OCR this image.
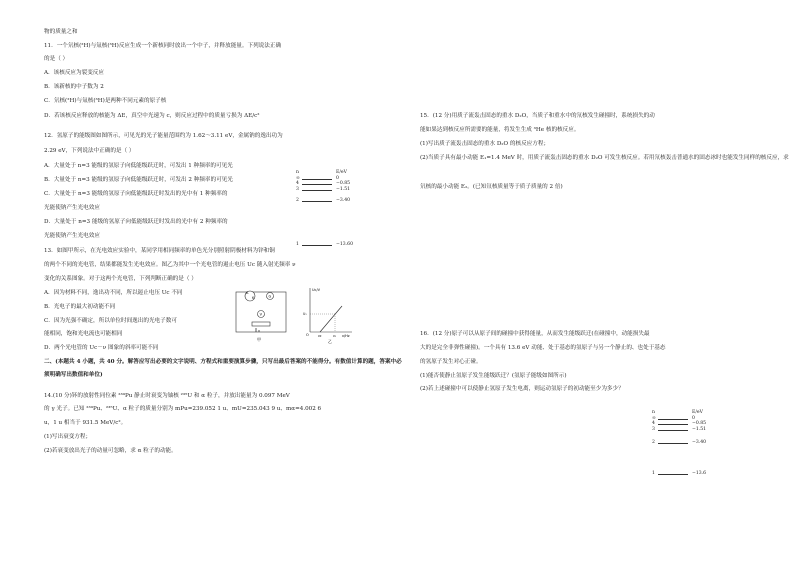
物的质量之和
11．一个氘核(²H)与氚核(³H)反应生成一个新核同时放出一个中子，并释放能量。下列说法正确
的是（ ）
A．该核反应为裂变反应
B．该新核的中子数为 2
C．氘核(²H)与氚核(³H)是两种不同元素的原子核
D．若该核反应释放的核能为 ΔE，真空中光速为 c，则反应过程中的质量亏损为 ΔE/c²
12．氢原子的能级图如图所示，可见光的光子能量范围约为 1.62～3.11 eV，金属钠的逸出功为
2.29 eV，下列说法中正确的是（ ）
A．大量处于 n=3 能级的氢原子向低能级跃迁时，可发出 1 种频率的可见光
B．大量处于 n=3 能级的氢原子向低能级跃迁时，可发出 2 种频率的可见光
C．大量处于 n=3 能级的氢原子向低能级跃迁时发出的光中有 1 种频率的
光能使钠产生光电效应
D．大量处于 n=3 能级的氢原子向低能级跃迁时发出的光中有 2 种频率的
光能使钠产生光电效应
13．如图甲所示，在光电效应实验中，某同学用相同频率的单色光分别照射阴极材料为锌和铜
的两个不同的光电管，结果都能发生光电效应。图乙为其中一个光电管的遏止电压 Uc 随入射光频率 ν
变化的关系图象。对于这两个光电管，下列判断正确的是（ ）
A．因为材料不同，逸出功不同，所以遏止电压 Uc 不同
B．光电子的最大初动能不同
C．因为光强不确定，所以单位时间逸出的光电子数可
能相同，饱和光电流也可能相同
D．两个光电管的 Uc－ν 图象的斜率可能不同
二、(本题共 4 小题，共 40 分。解答应写出必要的文字说明、方程式和重要演算步骤，只写出最后答案的不能得分。有数值计算的题，答案中必
须明确写出数值和单位)
14.(10 分)钚的放射性同位素 ²³⁹Pu 静止时衰变为铀核 ²³⁵U 和 α 粒子，并放出能量为 0.097 MeV
的 γ 光子。已知 ²³⁹Pu、²³⁵U、α 粒子的质量分别为 mPu=239.052 1 u、mU=235.043 9 u、mα=4.002 6
u，1 u 相当于 931.5 MeV/c²。
(1)写出衰变方程；
(2)若衰变放出光子的动量可忽略，求 α 粒子的动能。
n	E/eV
∞	0
4	−0.85
3	−1.51
2	−3.40
1	−13.60
A
K	G
V
甲
Uc/V
ν/Hz
O	νc
U₁
ν₁
乙
15．(12 分)用质子流轰击固态的重水 D₂O，当质子和重水中的氘核发生碰撞时，系统损失的动
能如果达到核反应所需要的能量，将发生生成 ³He 核的核反应。
(1)写出质子流轰击固态的重水 D₂O 的核反应方程；
(2)当质子具有最小动能 E₁=1.4 MeV 时，用质子流轰击固态的重水 D₂O 可发生核反应。若用氘核轰击普通水的固态冰时也能发生同样的核反应，求
氘核的最小动能 E₂。(已知氘核质量等于质子质量的 2 倍)
16．(12 分)原子可以从原子间的碰撞中获得能量，从而发生能级跃迁(在碰撞中，动能损失最
大的是完全非弹性碰撞)。一个具有 13.6 eV 动能、处于基态的氢原子与另一个静止的、也处于基态
的氢原子发生对心正碰。
(1)能否使静止氢原子发生能级跃迁？(氢原子能级如图所示)
(2)若上述碰撞中可以使静止氢原子发生电离，则运动氢原子的初动能至少为多少？
n	E/eV
∞	0
4	−0.85
3	−1.51
2	−3.40
1	−13.6
